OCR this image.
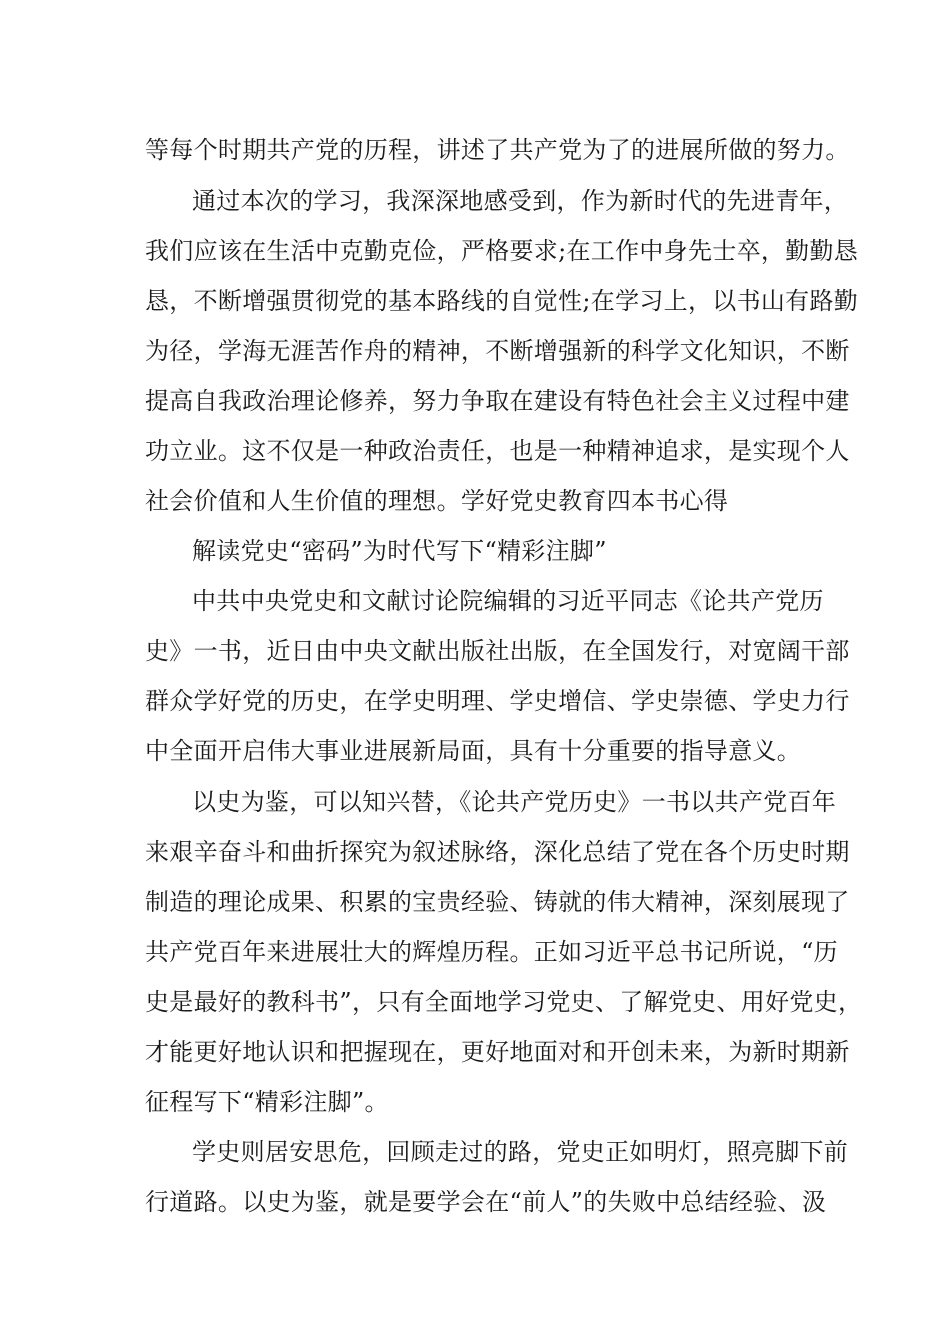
等每个时期共产党的历程，讲述了共产党为了的进展所做的努力。
通过本次的学习，我深深地感受到，作为新时代的先进青年，
我们应该在生活中克勤克俭，严格要求;在工作中身先士卒，勤勤恳
恳，不断增强贯彻党的基本路线的自觉性;在学习上，以书山有路勤
为径，学海无涯苦作舟的精神，不断增强新的科学文化知识，不断
提高自我政治理论修养，努力争取在建设有特色社会主义过程中建
功立业。这不仅是一种政治责任，也是一种精神追求，是实现个人
社会价值和人生价值的理想。学好党史教育四本书心得
解读党史“密码”为时代写下“精彩注脚”
中共中央党史和文献讨论院编辑的习近平同志《论共产党历
史》一书，近日由中央文献出版社出版，在全国发行，对宽阔干部
群众学好党的历史，在学史明理、学史增信、学史崇德、学史力行
中全面开启伟大事业进展新局面，具有十分重要的指导意义。
以史为鉴，可以知兴替，《论共产党历史》一书以共产党百年
来艰辛奋斗和曲折探究为叙述脉络，深化总结了党在各个历史时期
制造的理论成果、积累的宝贵经验、铸就的伟大精神，深刻展现了
共产党百年来进展壮大的辉煌历程。正如习近平总书记所说，“历
史是最好的教科书”，只有全面地学习党史、了解党史、用好党史，
才能更好地认识和把握现在，更好地面对和开创未来，为新时期新
征程写下“精彩注脚”。
学史则居安思危，回顾走过的路，党史正如明灯，照亮脚下前
行道路。以史为鉴，就是要学会在“前人”的失败中总结经验、汲
